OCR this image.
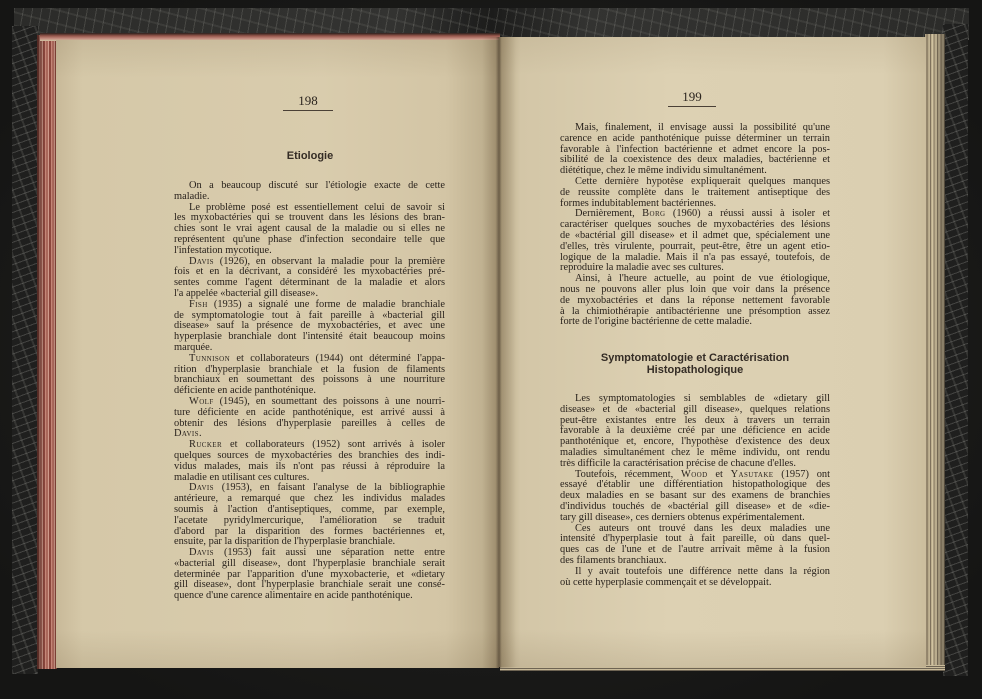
198
Etiologie
On a beaucoup discuté sur l'étiologie exacte de cette
maladie.
Le problème posé est essentiellement celui de savoir si
les myxobactéries qui se trouvent dans les lésions des bran-
chies sont le vrai agent causal de la maladie ou si elles ne
représentent qu'une phase d'infection secondaire telle que
l'infestation mycotique.
Davis (1926), en observant la maladie pour la première
fois et en la décrivant, a considéré les myxobactéries pré-
sentes comme l'agent déterminant de la maladie et alors
l'a appelée «bacterial gill disease».
Fish (1935) a signalé une forme de maladie branchiale
de symptomatologie tout à fait pareille à «bacterial gill
disease» sauf la présence de myxobactéries, et avec une
hyperplasie branchiale dont l'intensité était beaucoup moins
marquée.
Tunnison et collaborateurs (1944) ont déterminé l'appa-
rition d'hyperplasie branchiale et la fusion de filaments
branchiaux en soumettant des poissons à une nourriture
déficiente en acide panthoténique.
Wolf (1945), en soumettant des poissons à une nourri-
ture déficiente en acide panthoténique, est arrivé aussi à
obtenir des lésions d'hyperplasie pareilles à celles de
Davis.
Rucker et collaborateurs (1952) sont arrivés à isoler
quelques sources de myxobactéries des branchies des indi-
vidus malades, mais ils n'ont pas réussi à réproduire la
maladie en utilisant ces cultures.
Davis (1953), en faisant l'analyse de la bibliographie
antérieure, a remarqué que chez les individus malades
soumis à l'action d'antiseptiques, comme, par exemple,
l'acetate pyridylmercurique, l'amélioration se traduit
d'abord par la disparition des formes bactériennes et,
ensuite, par la disparition de l'hyperplasie branchiale.
Davis (1953) fait aussi une séparation nette entre
«bacterial gill disease», dont l'hyperplasie branchiale serait
determinée par l'apparition d'une myxobacterie, et «dietary
gill disease», dont l'hyperplasie branchiale serait une consé-
quence d'une carence alimentaire en acide panthoténique.
199
Mais, finalement, il envisage aussi la possibilité qu'une
carence en acide panthoténique puisse déterminer un terrain
favorable à l'infection bactérienne et admet encore la pos-
sibilité de la coexistence des deux maladies, bactérienne et
diététique, chez le même individu simultanément.
Cette dernière hypotèse expliquerait quelques manques
de reussite complète dans le traitement antiseptique des
formes indubitablement bactériennes.
Dernièrement, Borg (1960) a réussi aussi à isoler et
caractériser quelques souches de myxobactéries des lésions
de «bactérial gill disease» et il admet que, spécialement une
d'elles, très virulente, pourrait, peut-être, être un agent etio-
logique de la maladie. Mais il n'a pas essayé, toutefois, de
reproduire la maladie avec ses cultures.
Ainsi, à l'heure actuelle, au point de vue étiologique,
nous ne pouvons aller plus loin que voir dans la présence
de myxobactéries et dans la réponse nettement favorable
à la chimiothérapie antibactérienne une présomption assez
forte de l'origine bactérienne de cette maladie.
Symptomatologie et Caractérisation
Histopathologique
Les symptomatologies si semblables de «dietary gill
disease» et de «bacterial gill disease», quelques relations
peut-être existantes entre les deux à travers un terrain
favorable à la deuxième créé par une déficience en acide
panthoténique et, encore, l'hypothèse d'existence des deux
maladies simultanément chez le même individu, ont rendu
très difficile la caractérisation précise de chacune d'elles.
Toutefois, récemment, Wood et Yasutake (1957) ont
essayé d'établir une différentiation histopathologique des
deux maladies en se basant sur des examens de branchies
d'individus touchés de «bactérial gill disease» et de «die-
tary gill disease», ces derniers obtenus expérimentalement.
Ces auteurs ont trouvé dans les deux maladies une
intensité d'hyperplasie tout à fait pareille, où dans quel-
ques cas de l'une et de l'autre arrivait même à la fusion
des filaments branchiaux.
Il y avait toutefois une différence nette dans la région
où cette hyperplasie commençait et se développait.
